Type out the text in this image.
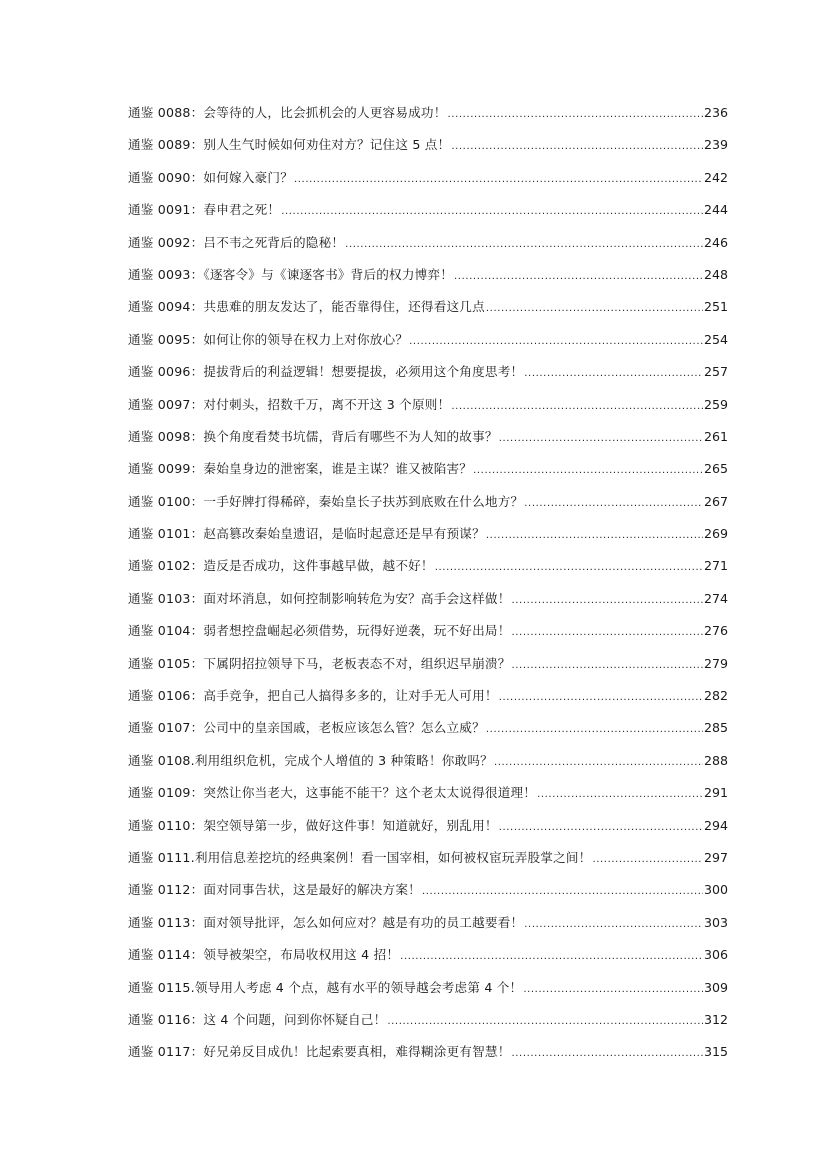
通鉴 0088：会等待的人，比会抓机会的人更容易成功！ .....	236
通鉴 0089：别人生气时候如何劝住对方？记住这 5 点！ .....	239
通鉴 0090：如何嫁入豪门？ .....	242
通鉴 0091：春申君之死！ .....	244
通鉴 0092：吕不韦之死背后的隐秘！ .....	246
通鉴 0093：《逐客令》与《谏逐客书》背后的权力博弈！ .....	248
通鉴 0094：共患难的朋友发达了，能否靠得住，还得看这几点 .....	251
通鉴 0095：如何让你的领导在权力上对你放心？ .....	254
通鉴 0096：提拔背后的利益逻辑！想要提拔，必须用这个角度思考！ .....	257
通鉴 0097：对付刺头，招数千万，离不开这 3 个原则！ .....	259
通鉴 0098：换个角度看焚书坑儒，背后有哪些不为人知的故事？ .....	261
通鉴 0099：秦始皇身边的泄密案，谁是主谋？谁又被陷害？ .....	265
通鉴 0100：一手好牌打得稀碎，秦始皇长子扶苏到底败在什么地方？ .....	267
通鉴 0101：赵高篡改秦始皇遗诏，是临时起意还是早有预谋？ .....	269
通鉴 0102：造反是否成功，这件事越早做，越不好！ .....	271
通鉴 0103：面对坏消息，如何控制影响转危为安？高手会这样做！ .....	274
通鉴 0104：弱者想控盘崛起必须借势，玩得好逆袭，玩不好出局！ .....	276
通鉴 0105：下属阴招拉领导下马，老板表态不对，组织迟早崩溃？ .....	279
通鉴 0106：高手竞争，把自己人搞得多多的，让对手无人可用！ .....	282
通鉴 0107：公司中的皇亲国戚，老板应该怎么管？怎么立威？ .....	285
通鉴 0108.利用组织危机，完成个人增值的 3 种策略！你敢吗？ .....	288
通鉴 0109：突然让你当老大，这事能不能干？这个老太太说得很道理！ .....	291
通鉴 0110：架空领导第一步，做好这件事！知道就好，别乱用！ .....	294
通鉴 0111.利用信息差挖坑的经典案例！看一国宰相，如何被权宦玩弄股掌之间！ .....	297
通鉴 0112：面对同事告状，这是最好的解决方案！ .....	300
通鉴 0113：面对领导批评，怎么如何应对？越是有功的员工越要看！ .....	303
通鉴 0114：领导被架空，布局收权用这 4 招！ .....	306
通鉴 0115.领导用人考虑 4 个点，越有水平的领导越会考虑第 4 个！ .....	309
通鉴 0116：这 4 个问题，问到你怀疑自己！ .....	312
通鉴 0117：好兄弟反目成仇！比起索要真相，难得糊涂更有智慧！ .....	315
